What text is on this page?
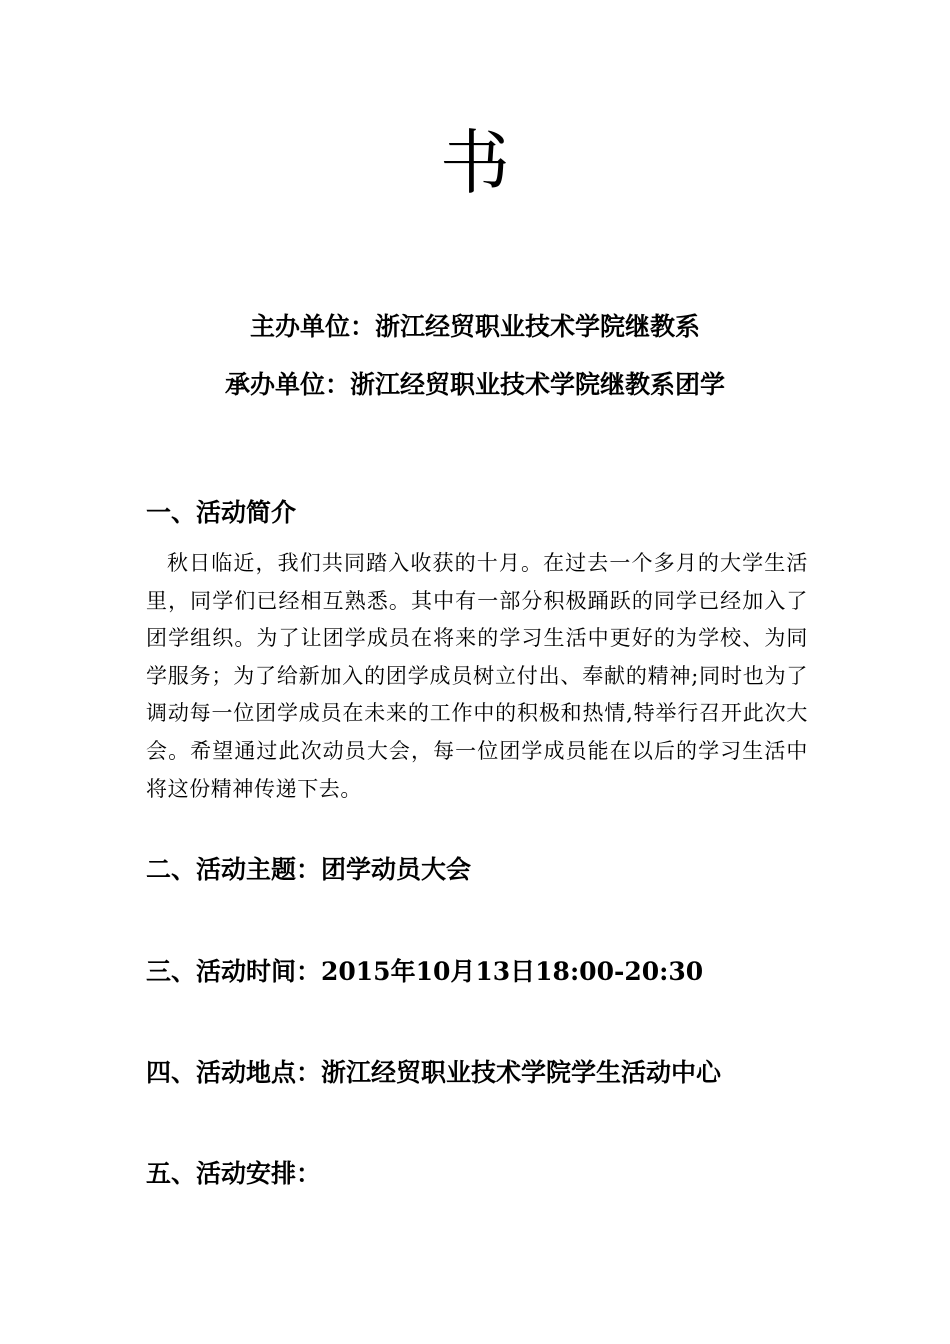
书
主办单位：浙江经贸职业技术学院继教系
承办单位：浙江经贸职业技术学院继教系团学
一、活动简介
秋日临近，我们共同踏入收获的十月。在过去一个多月的大学生活里，同学们已经相互熟悉。其中有一部分积极踊跃的同学已经加入了团学组织。为了让团学成员在将来的学习生活中更好的为学校、为同学服务；为了给新加入的团学成员树立付出、奉献的精神;同时也为了调动每一位团学成员在未来的工作中的积极和热情,特举行召开此次大会。希望通过此次动员大会，每一位团学成员能在以后的学习生活中将这份精神传递下去。
二、活动主题：团学动员大会
三、活动时间：2015年10月13日18:00-20:30
四、活动地点：浙江经贸职业技术学院学生活动中心
五、活动安排：
